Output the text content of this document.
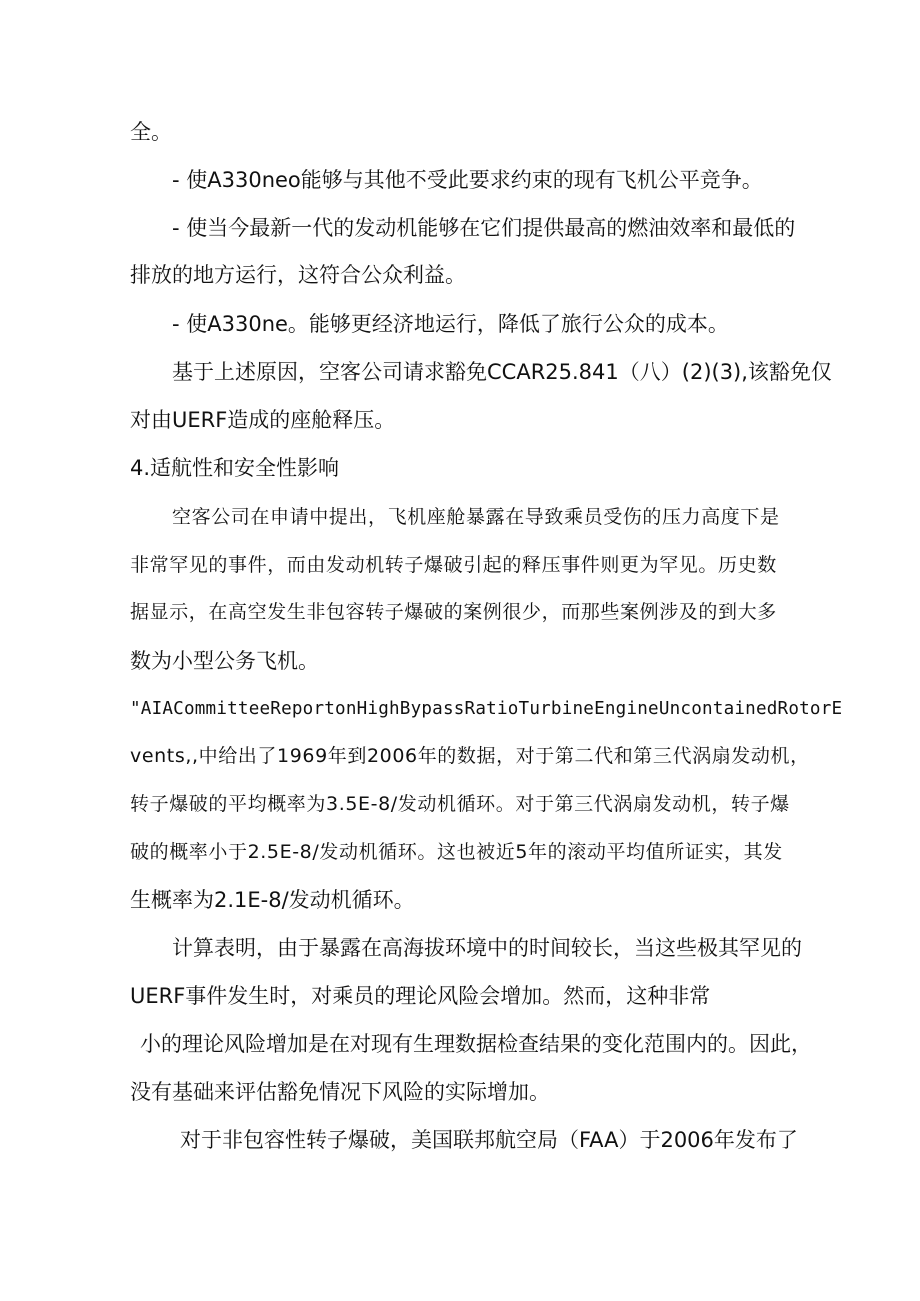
全。
- 使A330neo能够与其他不受此要求约束的现有飞机公平竞争。
- 使当今最新一代的发动机能够在它们提供最高的燃油效率和最低的
排放的地方运行，这符合公众利益。
- 使A330ne。能够更经济地运行，降低了旅行公众的成本。
基于上述原因，空客公司请求豁免CCAR25.841（八）(2)(3),该豁免仅
对由UERF造成的座舱释压。
4.适航性和安全性影响
空客公司在申请中提出，飞机座舱暴露在导致乘员受伤的压力高度下是
非常罕见的事件，而由发动机转子爆破引起的释压事件则更为罕见。历史数
据显示，在高空发生非包容转子爆破的案例很少，而那些案例涉及的到大多
数为小型公务飞机。
"AIACommitteeReportonHighBypassRatioTurbineEngineUncontainedRotorE
vents,,中给出了1969年到2006年的数据，对于第二代和第三代涡扇发动机，
转子爆破的平均概率为3.5E-8/发动机循环。对于第三代涡扇发动机，转子爆
破的概率小于2.5E-8/发动机循环。这也被近5年的滚动平均值所证实，其发
生概率为2.1E-8/发动机循环。
计算表明，由于暴露在高海拔环境中的时间较长，当这些极其罕见的
UERF事件发生时，对乘员的理论风险会增加。然而，这种非常
小的理论风险增加是在对现有生理数据检查结果的变化范围内的。因此，
没有基础来评估豁免情况下风险的实际增加。
对于非包容性转子爆破，美国联邦航空局（FAA）于2006年发布了
